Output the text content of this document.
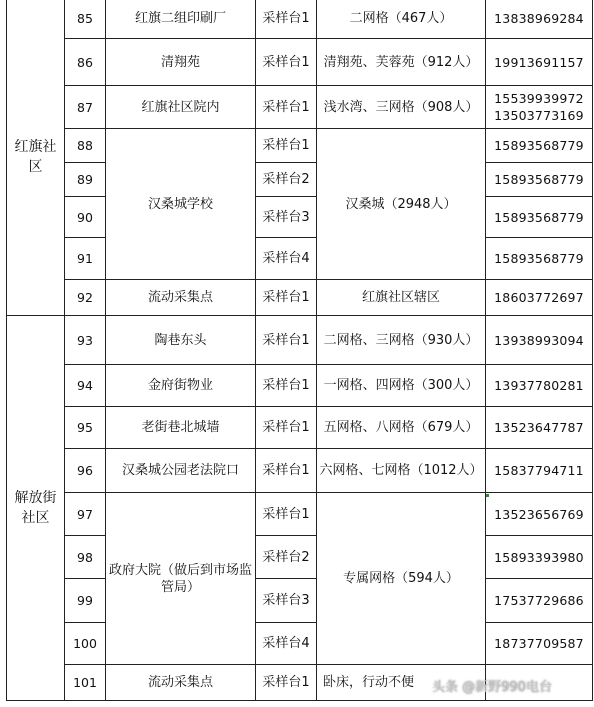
红旗社区	85	红旗二组印刷厂	采样台1	二网格（467人）	13838969284
	86	清翔苑	采样台1	清翔苑、芙蓉苑（912人）	19913691157
	87	红旗社区院内	采样台1	浅水湾、三网格（908人）	15539939972 13503773169
	88	汉桑城学校	采样台1	汉桑城（2948人）	15893568779
	89		采样台2		15893568779
	90		采样台3		15893568779
	91		采样台4		15893568779
	92	流动采集点	采样台1	红旗社区辖区	18603772697
解放街社区	93	陶巷东头	采样台1	二网格、三网格（930人）	13938993094
	94	金府街物业	采样台1	一网格、四网格（300人）	13937780281
	95	老街巷北城墙	采样台1	五网格、八网格（679人）	13523647787
	96	汉桑城公园老法院口	采样台1	六网格、七网格（1012人）	15837794711
	97	政府大院（做后到市场监管局）	采样台1	专属网格（594人）	13523656769
	98		采样台2		15893393980
	99		采样台3		17537729686
	100		采样台4		18737709587
	101	流动采集点	采样台1	卧床，行动不便	头条 @新野990电台
